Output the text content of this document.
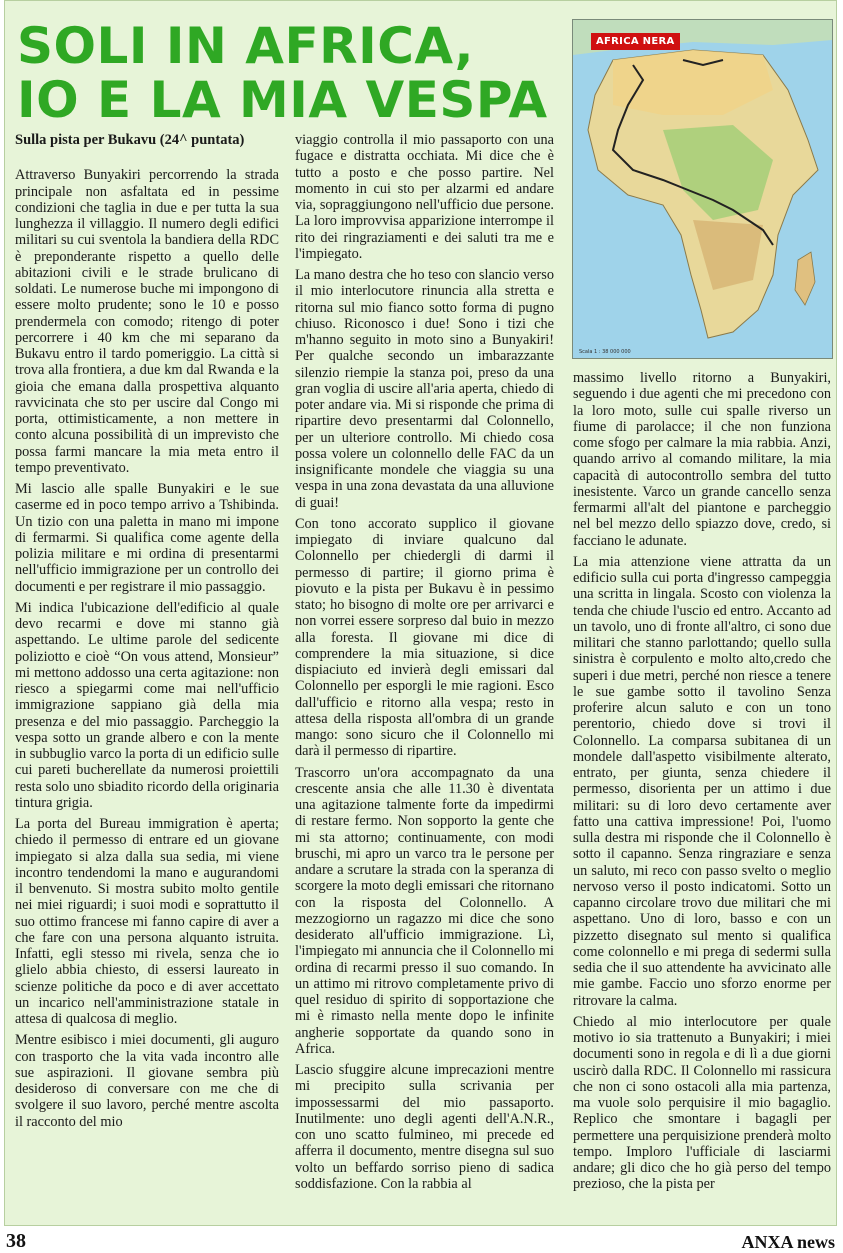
SOLI IN AFRICA,
IO E LA MIA VESPA
AFRICA NERA
Scala 1 : 38 000 000

Sulla pista per Bukavu (24^ puntata)

Attraverso Bunyakiri percorrendo la strada principale non asfaltata ed in pessime condizioni che taglia in due e per tutta la sua lunghezza il villaggio. Il numero degli edifici militari su cui sventola la bandiera della RDC è preponderante rispetto a quello delle abitazioni civili e le strade brulicano di soldati. Le numerose buche mi impongono di essere molto prudente; sono le 10 e posso prendermela con comodo; ritengo di poter percorrere i 40 km che mi separano da Bukavu entro il tardo pomeriggio. La città si trova alla frontiera, a due km dal Rwanda e la gioia che emana dalla prospettiva alquanto ravvicinata che sto per uscire dal Congo mi porta, ottimisticamente, a non mettere in conto alcuna possibilità di un imprevisto che possa farmi mancare la mia meta entro il tempo preventivato.

Mi lascio alle spalle Bunyakiri e le sue caserme ed in poco tempo arrivo a Tshibinda. Un tizio con una paletta in mano mi impone di fermarmi. Si qualifica come agente della polizia militare e mi ordina di presentarmi nell'ufficio immigrazione per un controllo dei documenti e per registrare il mio passaggio.

Mi indica l'ubicazione dell'edificio al quale devo recarmi e dove mi stanno già aspettando. Le ultime parole del sedicente poliziotto e cioè “On vous attend, Monsieur” mi mettono addosso una certa agitazione: non riesco a spiegarmi come mai nell'ufficio immigrazione sappiano già della mia presenza e del mio passaggio. Parcheggio la vespa sotto un grande albero e con la mente in subbuglio varco la porta di un edificio sulle cui pareti bucherellate da numerosi proiettili resta solo uno sbiadito ricordo della originaria tintura grigia.

La porta del Bureau immigration è aperta; chiedo il permesso di entrare ed un giovane impiegato si alza dalla sua sedia, mi viene incontro tendendomi la mano e augurandomi il benvenuto. Si mostra subito molto gentile nei miei riguardi; i suoi modi e soprattutto il suo ottimo francese mi fanno capire di aver a che fare con una persona alquanto istruita. Infatti, egli stesso mi rivela, senza che io glielo abbia chiesto, di essersi laureato in scienze politiche da poco e di aver accettato un incarico nell'amministrazione statale in attesa di qualcosa di meglio.

Mentre esibisco i miei documenti, gli auguro con trasporto che la vita vada incontro alle sue aspirazioni. Il giovane sembra più desideroso di conversare con me che di svolgere il suo lavoro, perché mentre ascolta il racconto del mio

viaggio controlla il mio passaporto con una fugace e distratta occhiata. Mi dice che è tutto a posto e che posso partire. Nel momento in cui sto per alzarmi ed andare via, sopraggiungono nell'ufficio due persone. La loro improvvisa apparizione interrompe il rito dei ringraziamenti e dei saluti tra me e l'impiegato.

La mano destra che ho teso con slancio verso il mio interlocutore rinuncia alla stretta e ritorna sul mio fianco sotto forma di pugno chiuso. Riconosco i due! Sono i tizi che m'hanno seguito in moto sino a Bunyakiri! Per qualche secondo un imbarazzante silenzio riempie la stanza poi, preso da una gran voglia di uscire all'aria aperta, chiedo di poter andare via. Mi si risponde che prima di ripartire devo presentarmi dal Colonnello, per un ulteriore controllo. Mi chiedo cosa possa volere un colonnello delle FAC da un insignificante mondele che viaggia su una vespa in una zona devastata da una alluvione di guai!

Con tono accorato supplico il giovane impiegato di inviare qualcuno dal Colonnello per chiedergli di darmi il permesso di partire; il giorno prima è piovuto e la pista per Bukavu è in pessimo stato; ho bisogno di molte ore per arrivarci e non vorrei essere sorpreso dal buio in mezzo alla foresta. Il giovane mi dice di comprendere la mia situazione, si dice dispiaciuto ed invierà degli emissari dal Colonnello per esporgli le mie ragioni. Esco dall'ufficio e ritorno alla vespa; resto in attesa della risposta all'ombra di un grande mango: sono sicuro che il Colonnello mi darà il permesso di ripartire.

Trascorro un'ora accompagnato da una crescente ansia che alle 11.30 è diventata una agitazione talmente forte da impedirmi di restare fermo. Non sopporto la gente che mi sta attorno; continuamente, con modi bruschi, mi apro un varco tra le persone per andare a scrutare la strada con la speranza di scorgere la moto degli emissari che ritornano con la risposta del Colonnello. A mezzogiorno un ragazzo mi dice che sono desiderato all'ufficio immigrazione. Lì, l'impiegato mi annuncia che il Colonnello mi ordina di recarmi presso il suo comando. In un attimo mi ritrovo completamente privo di quel residuo di spirito di sopportazione che mi è rimasto nella mente dopo le infinite angherie sopportate da quando sono in Africa.

Lascio sfuggire alcune imprecazioni mentre mi precipito sulla scrivania per impossessarmi del mio passaporto. Inutilmente: uno degli agenti dell'A.N.R., con uno scatto fulmineo, mi precede ed afferra il documento, mentre disegna sul suo volto un beffardo sorriso pieno di sadica soddisfazione. Con la rabbia al

massimo livello ritorno a Bunyakiri, seguendo i due agenti che mi precedono con la loro moto, sulle cui spalle riverso un fiume di parolacce; il che non funziona come sfogo per calmare la mia rabbia. Anzi, quando arrivo al comando militare, la mia capacità di autocontrollo sembra del tutto inesistente. Varco un grande cancello senza fermarmi all'alt del piantone e parcheggio nel bel mezzo dello spiazzo dove, credo, si facciano le adunate.

La mia attenzione viene attratta da un edificio sulla cui porta d'ingresso campeggia una scritta in lingala. Scosto con violenza la tenda che chiude l'uscio ed entro. Accanto ad un tavolo, uno di fronte all'altro, ci sono due militari che stanno parlottando; quello sulla sinistra è corpulento e molto alto,credo che superi i due metri, perché non riesce a tenere le sue gambe sotto il tavolino Senza proferire alcun saluto e con un tono perentorio, chiedo dove si trovi il Colonnello. La comparsa subitanea di un mondele dall'aspetto visibilmente alterato, entrato, per giunta, senza chiedere il permesso, disorienta per un attimo i due militari: su di loro devo certamente aver fatto una cattiva impressione! Poi, l'uomo sulla destra mi risponde che il Colonnello è sotto il capanno. Senza ringraziare e senza un saluto, mi reco con passo svelto o meglio nervoso verso il posto indicatomi. Sotto un capanno circolare trovo due militari che mi aspettano. Uno di loro, basso e con un pizzetto disegnato sul mento si qualifica come colonnello e mi prega di sedermi sulla sedia che il suo attendente ha avvicinato alle mie gambe. Faccio uno sforzo enorme per ritrovare la calma.

Chiedo al mio interlocutore per quale motivo io sia trattenuto a Bunyakiri; i miei documenti sono in regola e di lì a due giorni uscirò dalla RDC. Il Colonnello mi rassicura che non ci sono ostacoli alla mia partenza, ma vuole solo perquisire il mio bagaglio. Replico che smontare i bagagli per permettere una perquisizione prenderà molto tempo. Imploro l'ufficiale di lasciarmi andare; gli dico che ho già perso del tempo prezioso, che la pista per

38	ANXA news
